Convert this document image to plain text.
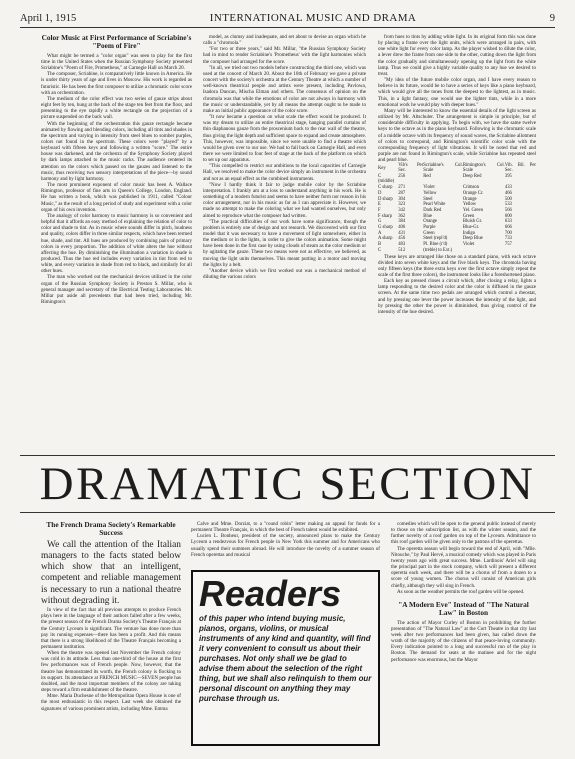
April 1, 1915	INTERNATIONAL MUSIC AND DRAMA	9
Color Music at First Performance of Scriabine's "Poem of Fire"

What might be termed a "color organ" was seen to play for the first time in the United States when the Russian Symphony Society presented Scriabine's "Poem of Fire, Prometheus," at Carnegie Hall on March 20.

The composer, Scriabine, is comparatively little known in America. He is under thirty years of age and lives in Moscow. His work is regarded as futuristic. He has been the first composer to utilize a chromatic color score with an orchestration.

The medium of the color effect was two series of gauze strips about eight feet by ten, hung at the back of the stage ten feet from the floor, and presenting to the eye rapidly a white rectangle on the projection of a picture suspended on the back wall.

With the beginning of the orchestration this gauze rectangle became animated by flowing and blending colors, including all tints and shades in the spectrum and varying in intensity from steel blues to somber purples, colors not found in the spectrum. These colors were "played" by a keyboard with fifteen keys and following a written "score." The entire house was darkened, and the orchestra of the Symphony Society played by dark lamps attached to the music racks. The audience centered its attention on the colors which passed on the gauzes and listened to the music, thus receiving two sensory interpretations of the piece—by sound harmony and by light harmony.

The most prominent exponent of color music has been A. Wallace Rimington, professor of fine arts in Queen's College, London, England. He has written a book, which was published in 1911, called "Colour Music," as the result of a long period of study and experiment with a color organ of his own invention.

The analogy of color harmony to music harmony is so convenient and helpful that it affords an easy method of explaining the relation of color to color and shade to tint. As in music where sounds differ in pitch, loudness and quality, colors differ in three similar respects, which have been termed hue, shade, and tint. All hues are produced by combining pairs of primary colors in every proportion. The addition of white alters the hue without affecting the hue. By diminishing the illumination a variation in shade is produced. Thus the hue red includes every variation in tint from red to white, and every variation in shade from red to black, and similarly for all other hues.

The man who worked out the mechanical devices utilized in the color organ of the Russian Symphony Society is Preston S. Millar, who is general manager and secretary of the Electrical Testing Laboratories. Mr. Millar put aside all precedents that had been tried, including Mr. Rimington's

model, as clumsy and inadequate, and set about to devise an organ which he calls a "chromola."

"For two or three years," said Mr. Millar, "the Russian Symphony Society had in mind to render Scriabine's 'Prometheus' with the light harmonies which the composer had arranged for the score.

"In all, we tried out two models before constructing the third one, which was used at the concert of March 20. About the 10th of February we gave a private concert with the society's orchestra at the Century Theatre at which a number of well-known theatrical people and artists were present, including Pavlowa, Isadora Duncan, Mischa Elman and others. The consensus of opinion on the chromola was that while the emotions of color are not always in harmony with the music or understandable, yet by all means the attempt ought to be made to make an initial public appearance of the color score.

"It now became a question on what scale the effect would be produced. It was my dream to utilize an entire theatrical stage, hanging parallel curtains of thin diaphanous gauze from the proscenium back to the rear wall of the theatre, thus giving the light depth and sufficient space to expand and create atmosphere. This, however, was impossible, since we were unable to find a theatre which would be given over to our use. We had to fall back on Carnegie Hall, and even there we were limited to four feet of stage at the back of the platform on which to set up our apparatus.

"This compelled to restrict our ambitions to the local capacities of Carnegie Hall, we resolved to make the color device simply an instrument in the orchestra and not as an equal effect as the combined instruments.

"Now I hardly think it fair to judge mobile color by the Scriabine interpretation. I frankly am at a loss to understand anything in his work. He is something of a modern futurist and seems to have neither form nor reason in his color arrangement, nor in his music as far as I can appreciate it. However, we made no attempt to make the coloring what we had wanted ourselves, but only aimed to reproduce what the composer had written.

"The practical difficulties of our work have some significance, though the problem is entirely one of design and not research. We discovered with our first model that it was necessary to have a movement of light somewhere, either in the medium or in the lights, in order to give the colors animation. Some might have been done in the first case by using clouds of steam as the color medium or by agitating the gauze. These two means were not as effective, we believed, as moving the light units themselves. This meant putting in a motor and moving the lights by a belt.

"Another device which we first worked out was a mechanical method of diluting the various colors

from hues to tints by adding white light. In its original form this was done by placing a frame over the light units, which were arranged in pairs, with one white light for every color lamp. As the player wished to dilute the color, a lever drew the frame from one side to the other, cutting down the light from the color gradually and simultaneously opening up the light from the white lamp. Thus we could give a highly variable quality to any hue we desired to treat.

"My idea of the future mobile color organ, and I have every reason to believe in its future, would be to have a series of keys like a piano keyboard, which would give all the tones from the deepest to the lightest, as in music. This, in a light fantasy, one would use the lighter tints, while in a more emotional work he would play with deeper hues."

Many will be interested to know the essential details of the light screen as utilized by Mr. Altschuler. The arrangement is simple in principle, but of considerable difficulty in applying. To begin with, we have the same twelve keys to the octave as in the piano keyboard. Following is the chromatic scale of a middle octave with its frequency of sound waves, the Scriabine allotment of colors to correspond, and Rimington's scientific color scale with the corresponding frequency of light vibrations. It will be noted that red and purple are not found in Rimington's scale, while Scriabine has repeated steel and pearl blue.

Key	Vib's Per Sec.	Scriabine's Col. Scale	Rimington's Col. Scale	Vib. Bil. Per Sec.
C (middle)	256	Red	Deep Red	395
C sharp	271	Violet	Crimson	433
D	287	Yellow	Orange Cr.	466
D sharp	304	Steel	Orange	500
E	323	Pearl White	Yellow	533
F	342	Dark Red	Yel. Green	566
F sharp	362	Blue	Green	600
G	384	Orange	Bluish Gr.	633
G sharp	406	Purple	Blue-Gr.	666
A	431	Green	Indigo	700
A sharp	456	Steel (repl'd)	Deep Blue	733
B	483	Pl. Blue (r'd)	Violet	757
C	512	(treble) to Ext.)		

These keys are arranged like those on a standard piano, with each octave divided into seven white keys and the five black keys. The chromola having only fifteen keys (the three extra keys over the first octave simply repeat the scale of the first three colors), the instrument looks like a foreshortened piano.

Each key as pressed closes a circuit which, after closing a relay, lights a lamp responding to the desired color and the color is diffused in the gauze screen. At the same time two pedals are arranged which control a rheostat, and by pressing one lever the power increases the intensity of the light, and by pressing the other the power is diminished, thus giving control of the intensity of the hue desired.

DRAMATIC SECTION
The French Drama Society's Remarkable Success

We call the attention of the Italian managers to the facts stated below which show that an intelligent, competent and reliable management is necessary to run a national theatre without degrading it.

In view of the fact that all previous attempts to produce French plays here in the language of their authors failed after a few weeks, the present season of the French Drama Society's Theatre Français at the Century Lyceum is significant. The venture has done more than pay its running expenses—there has been a profit. And this means that there is a strong likelihood of the Theatre Français becoming a permanent institution.

When the theatre was opened last November the French colony was cold in its attitude. Less than one-third of the house at the first few performances was of French people. Now, however, that the theatre has demonstrated its worth, the French colony is flocking to its support. Its attendance at FRENCH MUSIC—SEVEN people has doubled, and the most important members of the colony are taking steps toward a firm establishment of the theatre.

Mme. Maria Duchesne of the Metropolitan Opera House is one of the most enthusiastic in this respect. Last week she obtained the signatures of various prominent artists, including Mme. Emma

Calve and Mme. Dorziat, to a "round robin" letter making an appeal for funds for a permanent Theatre Français, in which the best of French talent would be exhibited.

Lucien L. Bonheur, president of the society, announced plans to make the Century Lyceum a rendezvous for French people in New York this summer and for Americans who usually spend their summers abroad. He will introduce the novelty of a summer season of French operettas and musical

Readers
of this paper who intend buying music, pianos, organs, violins, or musical instruments of any kind and quantity, will find it very convenient to consult us about their purchases. Not only shall we be glad to advise them about the selection of the right thing, but we shall also relinquish to them our personal discount on anything they may purchase through us.

comedies which will be open to the general public instead of merely to those on the subscription list, as with the winter season, and the further novelty of a roof garden on top of the Lyceum. Admittance to this roof garden will be given only to the patrons of the operettas.

The operetta season will begin toward the end of April, with "Mlle. Nitouche," by Paul Hervé, a musical comedy which was played in Paris twenty years ago with great success. Mme. Lardinois' Ariel will sing the principal part in the stock company, which will present a different operetta each week, and there will be a chorus of from a dozen to a score of young women. The chorus will consist of American girls chiefly, although they will sing in French.

As soon as the weather permits the roof garden will be opened.

"A Modern Eve" Instead of "The Natural Law" in Boston

The action of Mayor Curley of Boston in prohibiting the further presentation of "The Natural Law" at the Cort Theatre in that city last week after two performances had been given, has called down the wrath of the majority of the citizens of that peace-loving community. Every indication pointed to a long and successful run of the play in Boston. The demand for seats at the matinee and for the night performance was enormous, but the Mayor
